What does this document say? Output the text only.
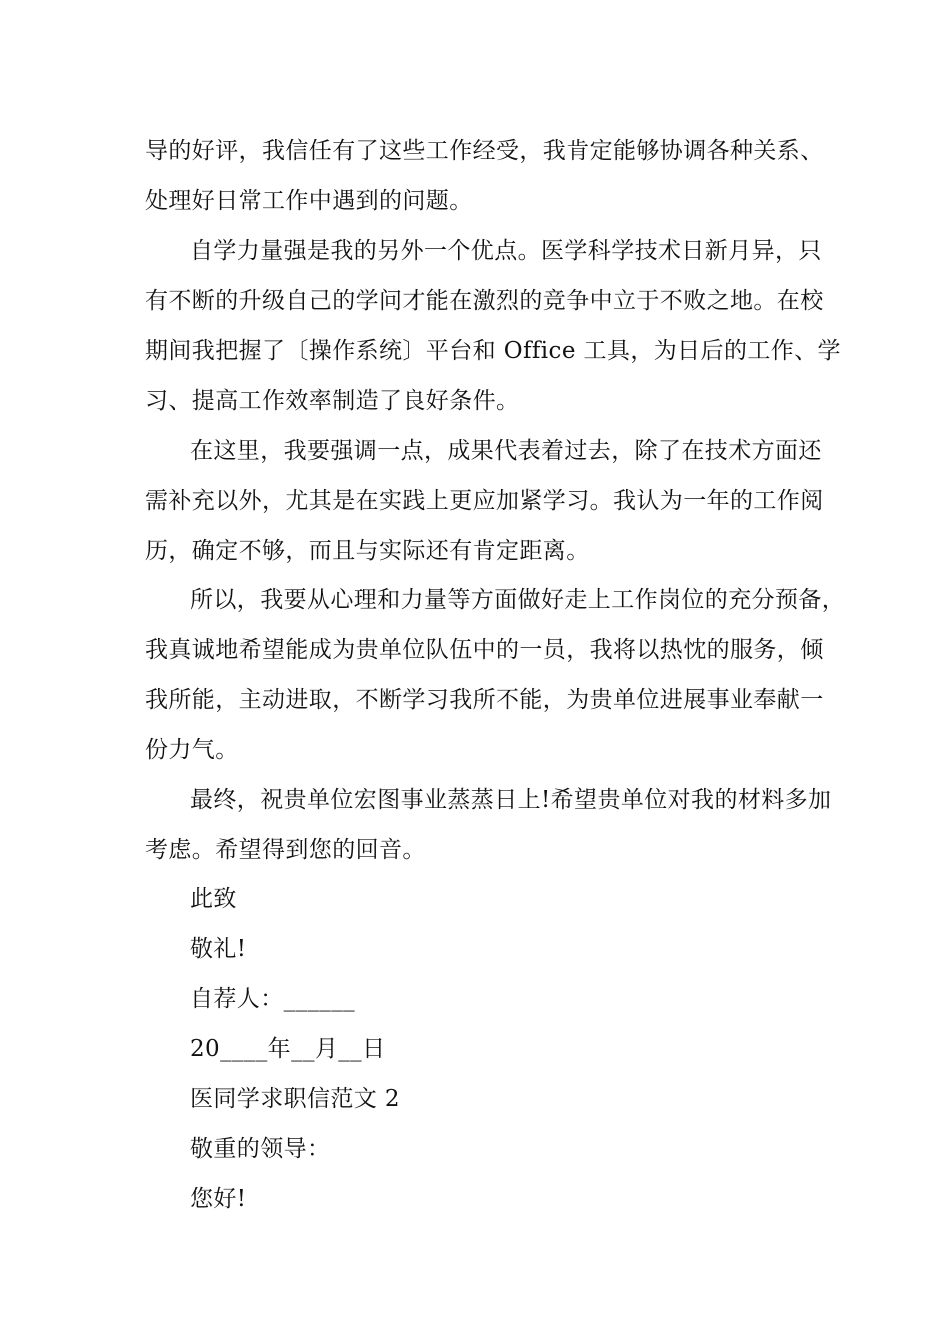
导的好评，我信任有了这些工作经受，我肯定能够协调各种关系、
处理好日常工作中遇到的问题。
自学力量强是我的另外一个优点。医学科学技术日新月异，只
有不断的升级自己的学问才能在激烈的竞争中立于不败之地。在校
期间我把握了〔操作系统〕平台和 Office 工具，为日后的工作、学
习、提高工作效率制造了良好条件。
在这里，我要强调一点，成果代表着过去，除了在技术方面还
需补充以外，尤其是在实践上更应加紧学习。我认为一年的工作阅
历，确定不够，而且与实际还有肯定距离。
所以，我要从心理和力量等方面做好走上工作岗位的充分预备，
我真诚地希望能成为贵单位队伍中的一员，我将以热忱的服务，倾
我所能，主动进取，不断学习我所不能，为贵单位进展事业奉献一
份力气。
最终，祝贵单位宏图事业蒸蒸日上!希望贵单位对我的材料多加
考虑。希望得到您的回音。
此致
敬礼!
自荐人：______
20____年__月__日
医同学求职信范文 2
敬重的领导：
您好!
